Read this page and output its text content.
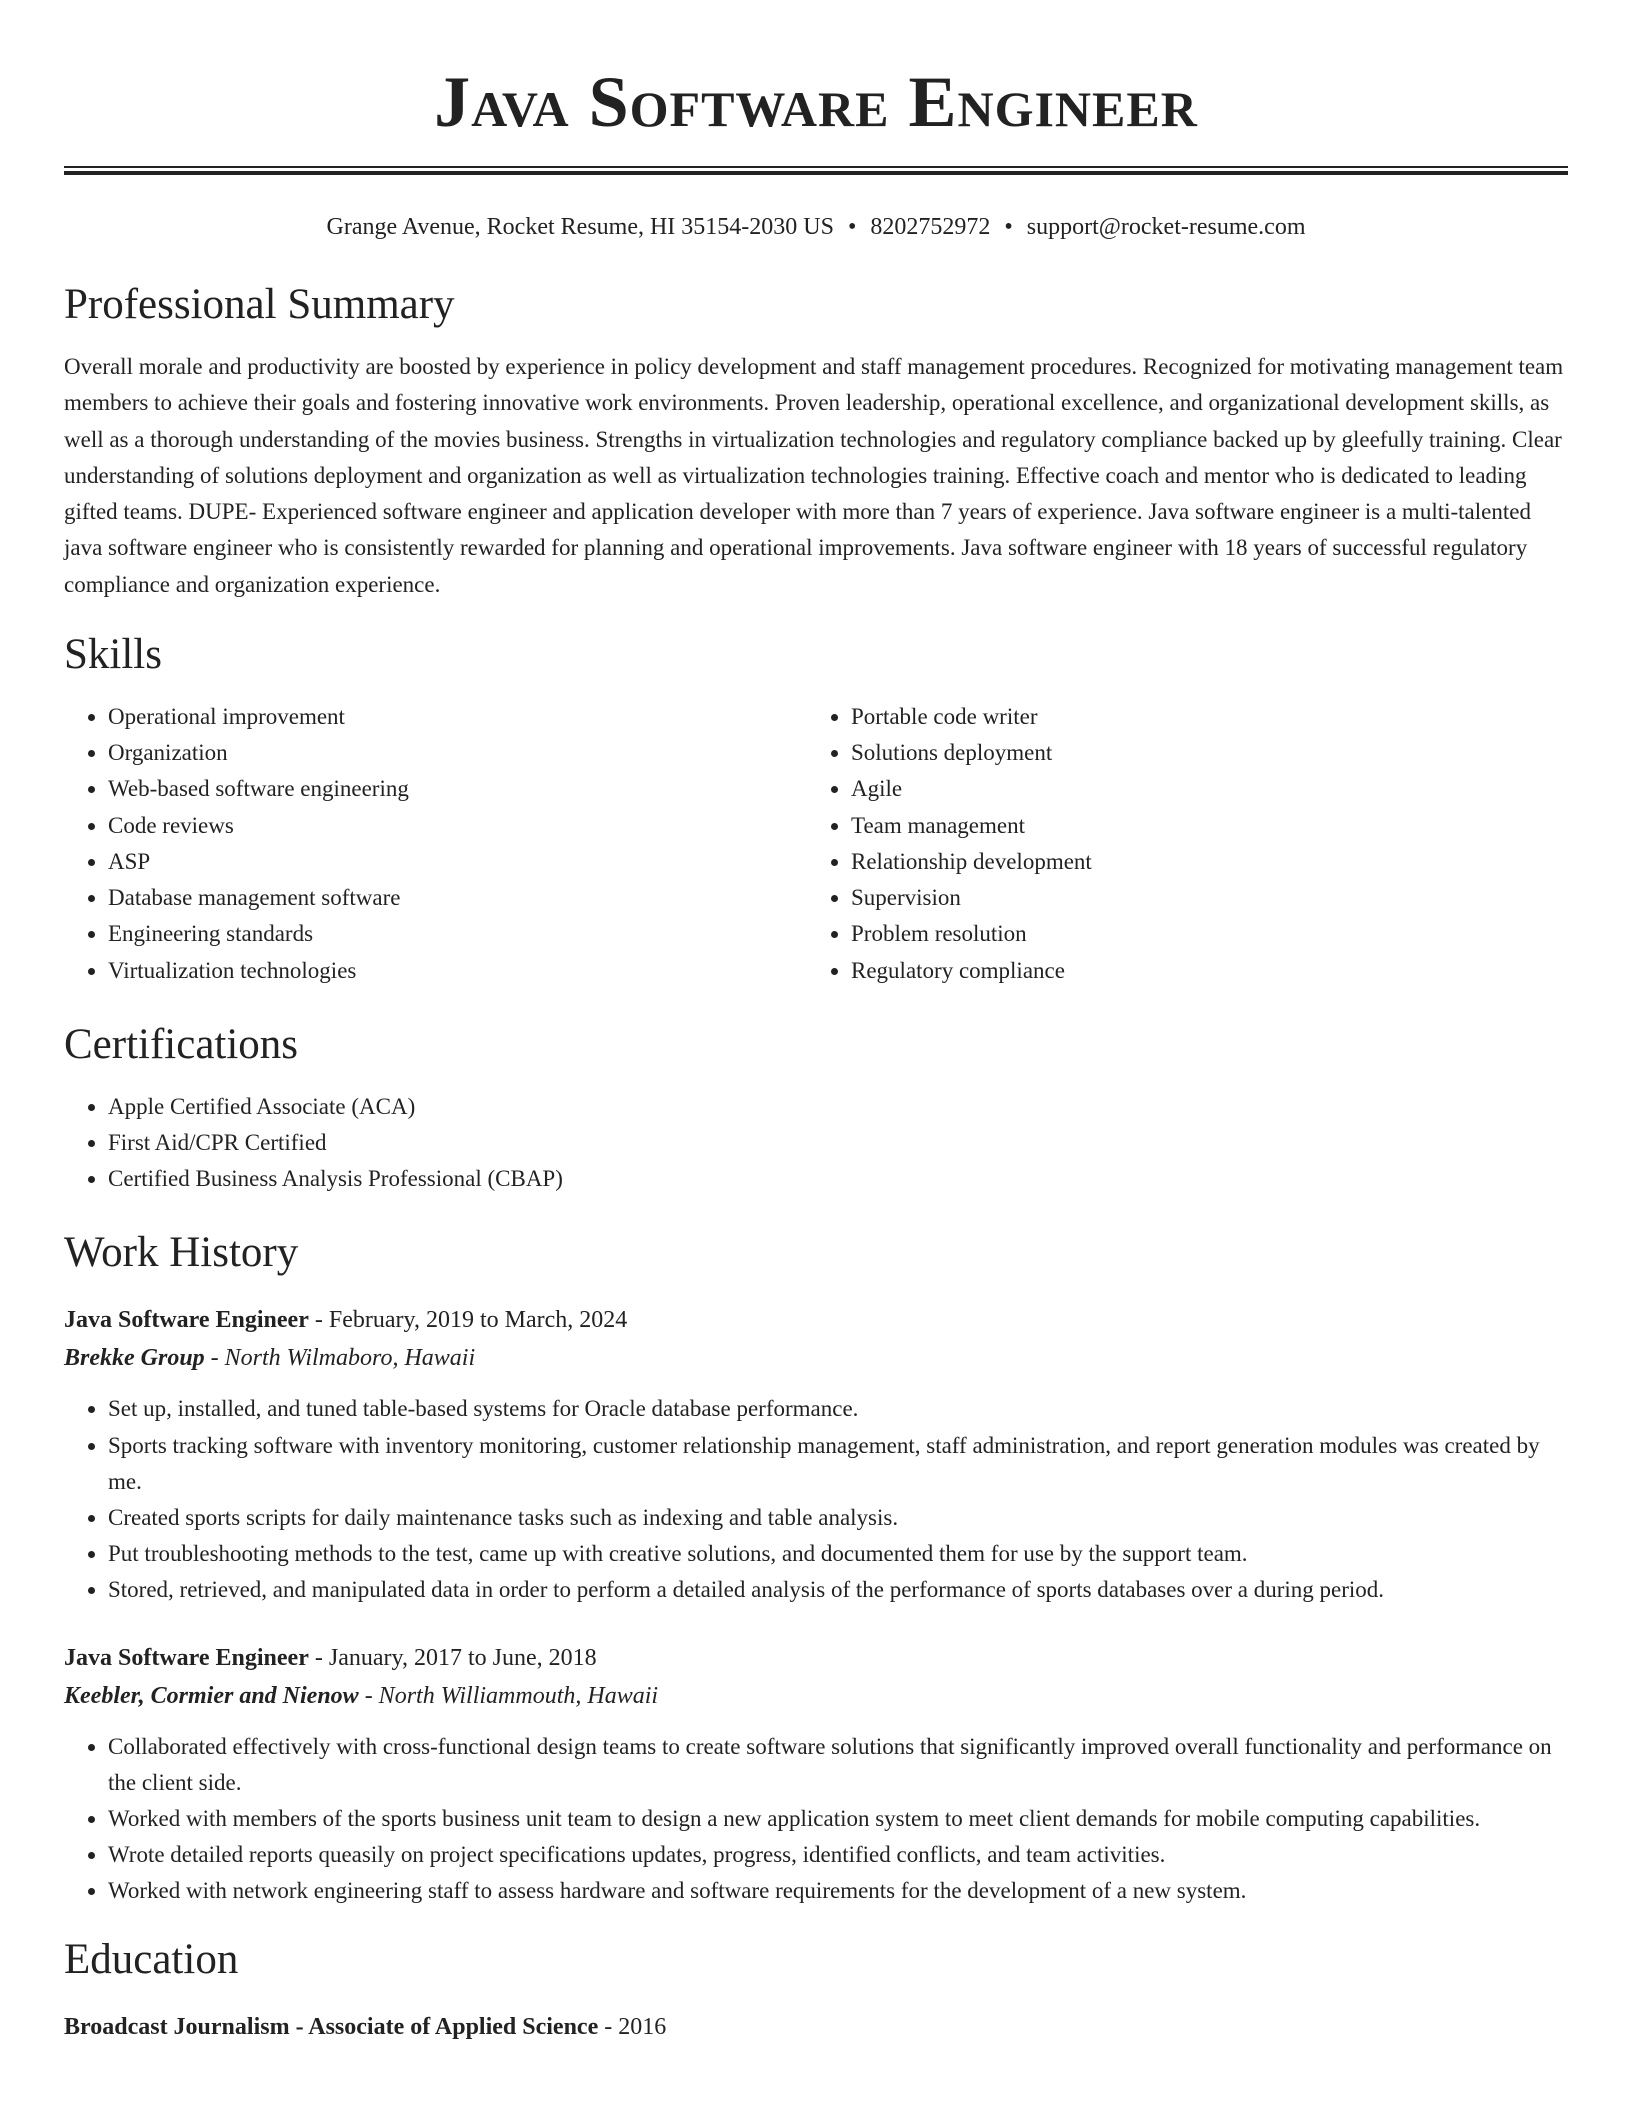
Java Software Engineer
Grange Avenue, Rocket Resume, HI 35154-2030 US • 8202752972 • support@rocket-resume.com
Professional Summary

Overall morale and productivity are boosted by experience in policy development and staff management procedures. Recognized for motivating management team members to achieve their goals and fostering innovative work environments. Proven leadership, operational excellence, and organizational development skills, as well as a thorough understanding of the movies business. Strengths in virtualization technologies and regulatory compliance backed up by gleefully training. Clear understanding of solutions deployment and organization as well as virtualization technologies training. Effective coach and mentor who is dedicated to leading gifted teams. DUPE- Experienced software engineer and application developer with more than 7 years of experience. Java software engineer is a multi-talented java software engineer who is consistently rewarded for planning and operational improvements. Java software engineer with 18 years of successful regulatory compliance and organization experience.

Skills
• Operational improvement
• Organization
• Web-based software engineering
• Code reviews
• ASP
• Database management software
• Engineering standards
• Virtualization technologies
• Portable code writer
• Solutions deployment
• Agile
• Team management
• Relationship development
• Supervision
• Problem resolution
• Regulatory compliance
Certifications
• Apple Certified Associate (ACA)
• First Aid/CPR Certified
• Certified Business Analysis Professional (CBAP)
Work History
Java Software Engineer - February, 2019 to March, 2024
Brekke Group - North Wilmaboro, Hawaii
• Set up, installed, and tuned table-based systems for Oracle database performance.
• Sports tracking software with inventory monitoring, customer relationship management, staff administration, and report generation modules was created by me.
• Created sports scripts for daily maintenance tasks such as indexing and table analysis.
• Put troubleshooting methods to the test, came up with creative solutions, and documented them for use by the support team.
• Stored, retrieved, and manipulated data in order to perform a detailed analysis of the performance of sports databases over a during period.
Java Software Engineer - January, 2017 to June, 2018
Keebler, Cormier and Nienow - North Williammouth, Hawaii
• Collaborated effectively with cross-functional design teams to create software solutions that significantly improved overall functionality and performance on the client side.
• Worked with members of the sports business unit team to design a new application system to meet client demands for mobile computing capabilities.
• Wrote detailed reports queasily on project specifications updates, progress, identified conflicts, and team activities.
• Worked with network engineering staff to assess hardware and software requirements for the development of a new system.
Education
Broadcast Journalism - Associate of Applied Science - 2016
